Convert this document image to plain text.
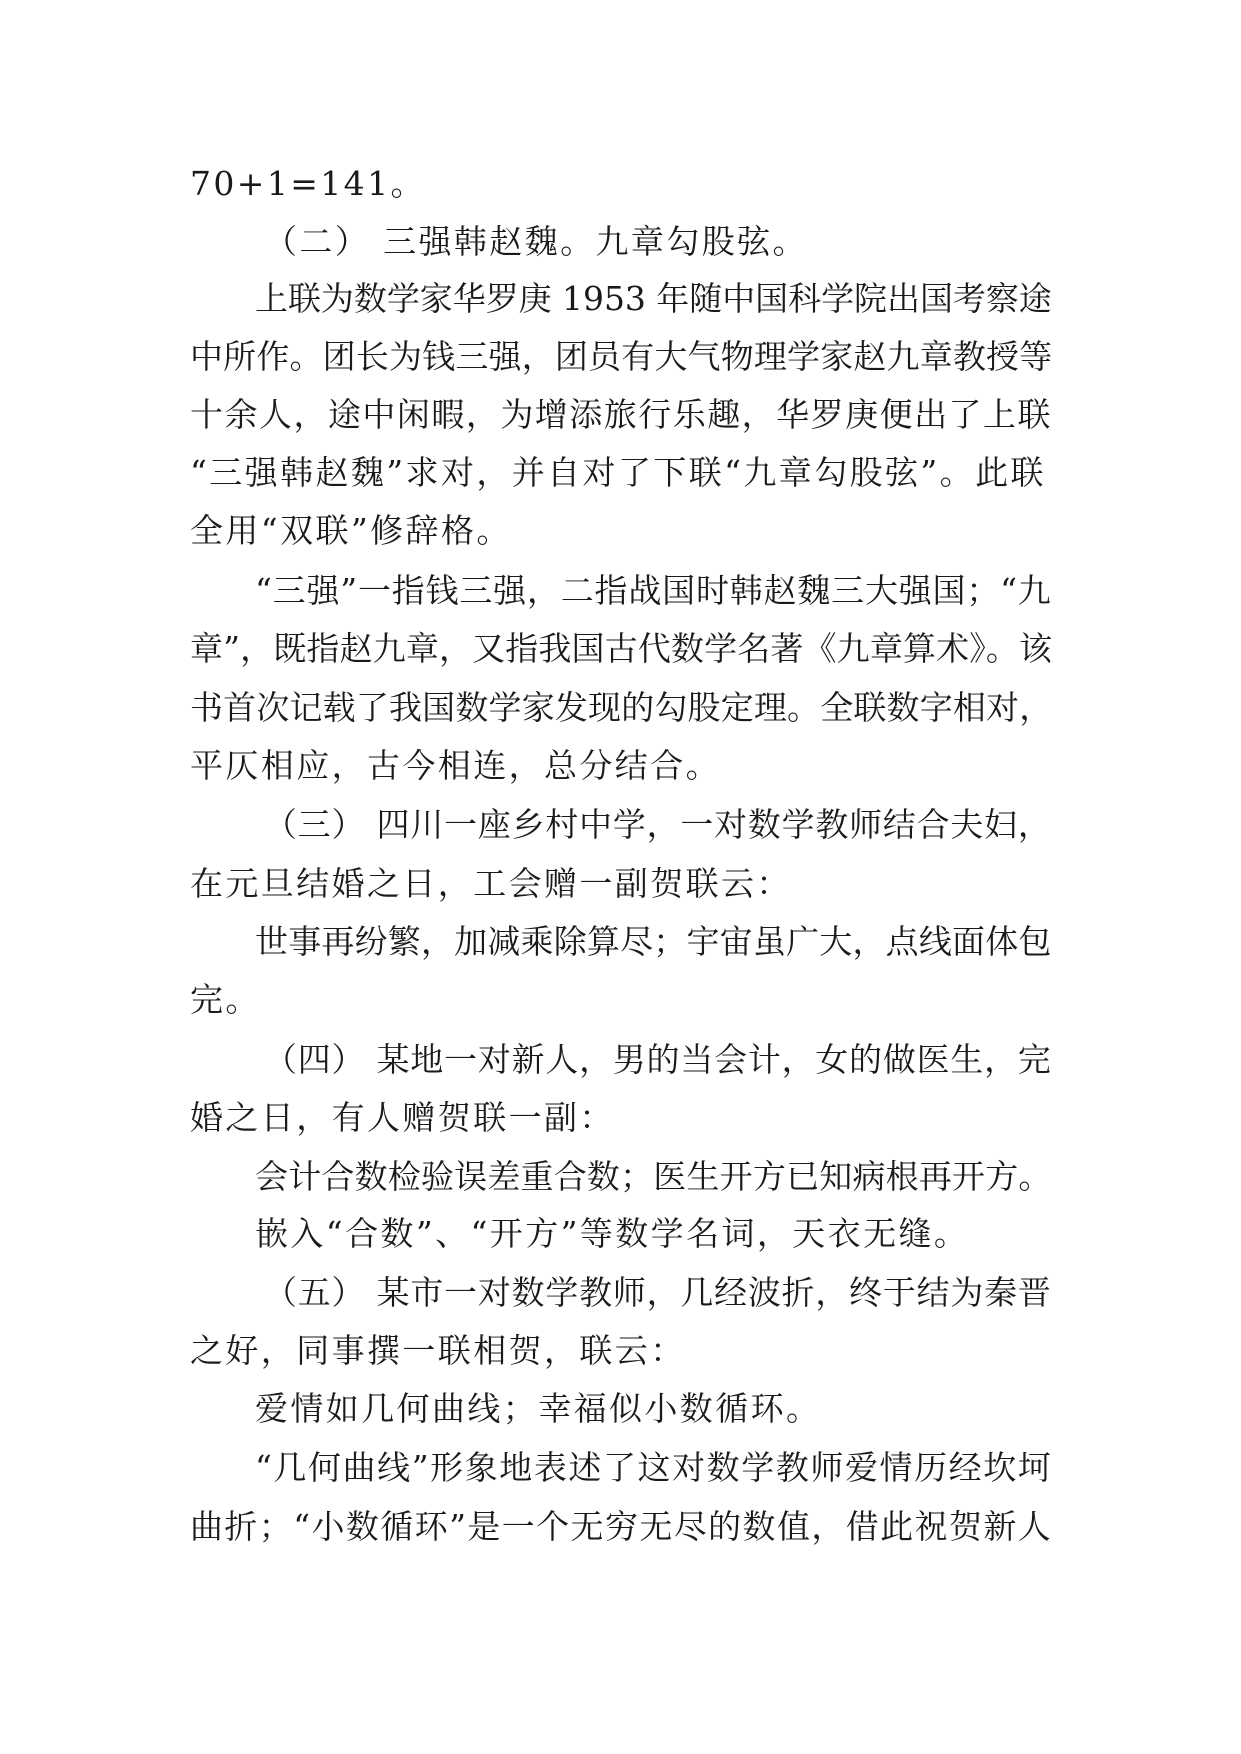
70+1=141。
（二） 三强韩赵魏。九章勾股弦。
上联为数学家华罗庚 1953 年随中国科学院出国考察途
中所作。团长为钱三强，团员有大气物理学家赵九章教授等
十余人，途中闲暇，为增添旅行乐趣，华罗庚便出了上联
“三强韩赵魏”求对，并自对了下联“九章勾股弦”。此联
全用“双联”修辞格。
“三强”一指钱三强，二指战国时韩赵魏三大强国；“九
章”，既指赵九章，又指我国古代数学名著《九章算术》。该
书首次记载了我国数学家发现的勾股定理。全联数字相对，
平仄相应，古今相连，总分结合。
（三） 四川一座乡村中学，一对数学教师结合夫妇，
在元旦结婚之日，工会赠一副贺联云：
世事再纷繁，加减乘除算尽；宇宙虽广大，点线面体包
完。
（四） 某地一对新人，男的当会计，女的做医生，完
婚之日，有人赠贺联一副：
会计合数检验误差重合数；医生开方已知病根再开方。
嵌入“合数”、“开方”等数学名词，天衣无缝。
（五） 某市一对数学教师，几经波折，终于结为秦晋
之好，同事撰一联相贺，联云：
爱情如几何曲线；幸福似小数循环。
“几何曲线”形象地表述了这对数学教师爱情历经坎坷
曲折；“小数循环”是一个无穷无尽的数值，借此祝贺新人
